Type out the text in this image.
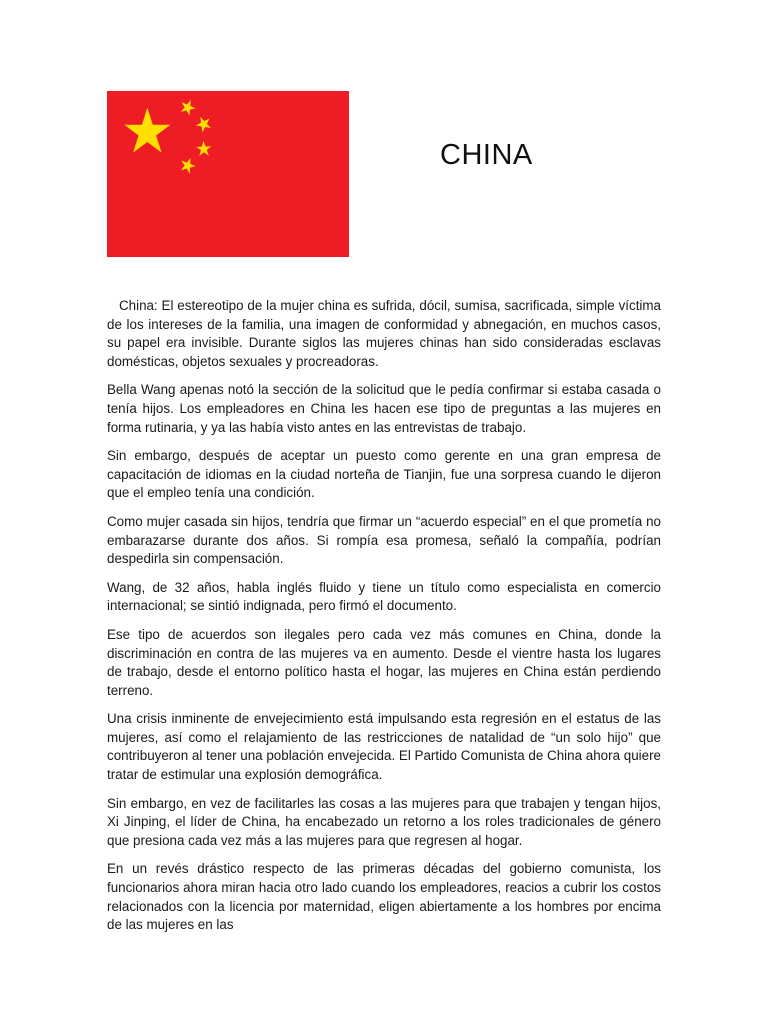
CHINA

China: El estereotipo de la mujer china es sufrida, dócil, sumisa, sacrificada, simple víctima de los intereses de la familia, una imagen de conformidad y abnegación, en muchos casos, su papel era invisible. Durante siglos las mujeres chinas han sido consideradas esclavas domésticas, objetos sexuales y procreadoras.

Bella Wang apenas notó la sección de la solicitud que le pedía confirmar si estaba casada o tenía hijos. Los empleadores en China les hacen ese tipo de preguntas a las mujeres en forma rutinaria, y ya las había visto antes en las entrevistas de trabajo.

Sin embargo, después de aceptar un puesto como gerente en una gran empresa de capacitación de idiomas en la ciudad norteña de Tianjin, fue una sorpresa cuando le dijeron que el empleo tenía una condición.

Como mujer casada sin hijos, tendría que firmar un “acuerdo especial” en el que prometía no embarazarse durante dos años. Si rompía esa promesa, señaló la compañía, podrían despedirla sin compensación.

Wang, de 32 años, habla inglés fluido y tiene un título como especialista en comercio internacional; se sintió indignada, pero firmó el documento.

Ese tipo de acuerdos son ilegales pero cada vez más comunes en China, donde la discriminación en contra de las mujeres va en aumento. Desde el vientre hasta los lugares de trabajo, desde el entorno político hasta el hogar, las mujeres en China están perdiendo terreno.

Una crisis inminente de envejecimiento está impulsando esta regresión en el estatus de las mujeres, así como el relajamiento de las restricciones de natalidad de “un solo hijo” que contribuyeron al tener una población envejecida. El Partido Comunista de China ahora quiere tratar de estimular una explosión demográfica.

Sin embargo, en vez de facilitarles las cosas a las mujeres para que trabajen y tengan hijos, Xi Jinping, el líder de China, ha encabezado un retorno a los roles tradicionales de género que presiona cada vez más a las mujeres para que regresen al hogar.

En un revés drástico respecto de las primeras décadas del gobierno comunista, los funcionarios ahora miran hacia otro lado cuando los empleadores, reacios a cubrir los costos relacionados con la licencia por maternidad, eligen abiertamente a los hombres por encima de las mujeres en las
